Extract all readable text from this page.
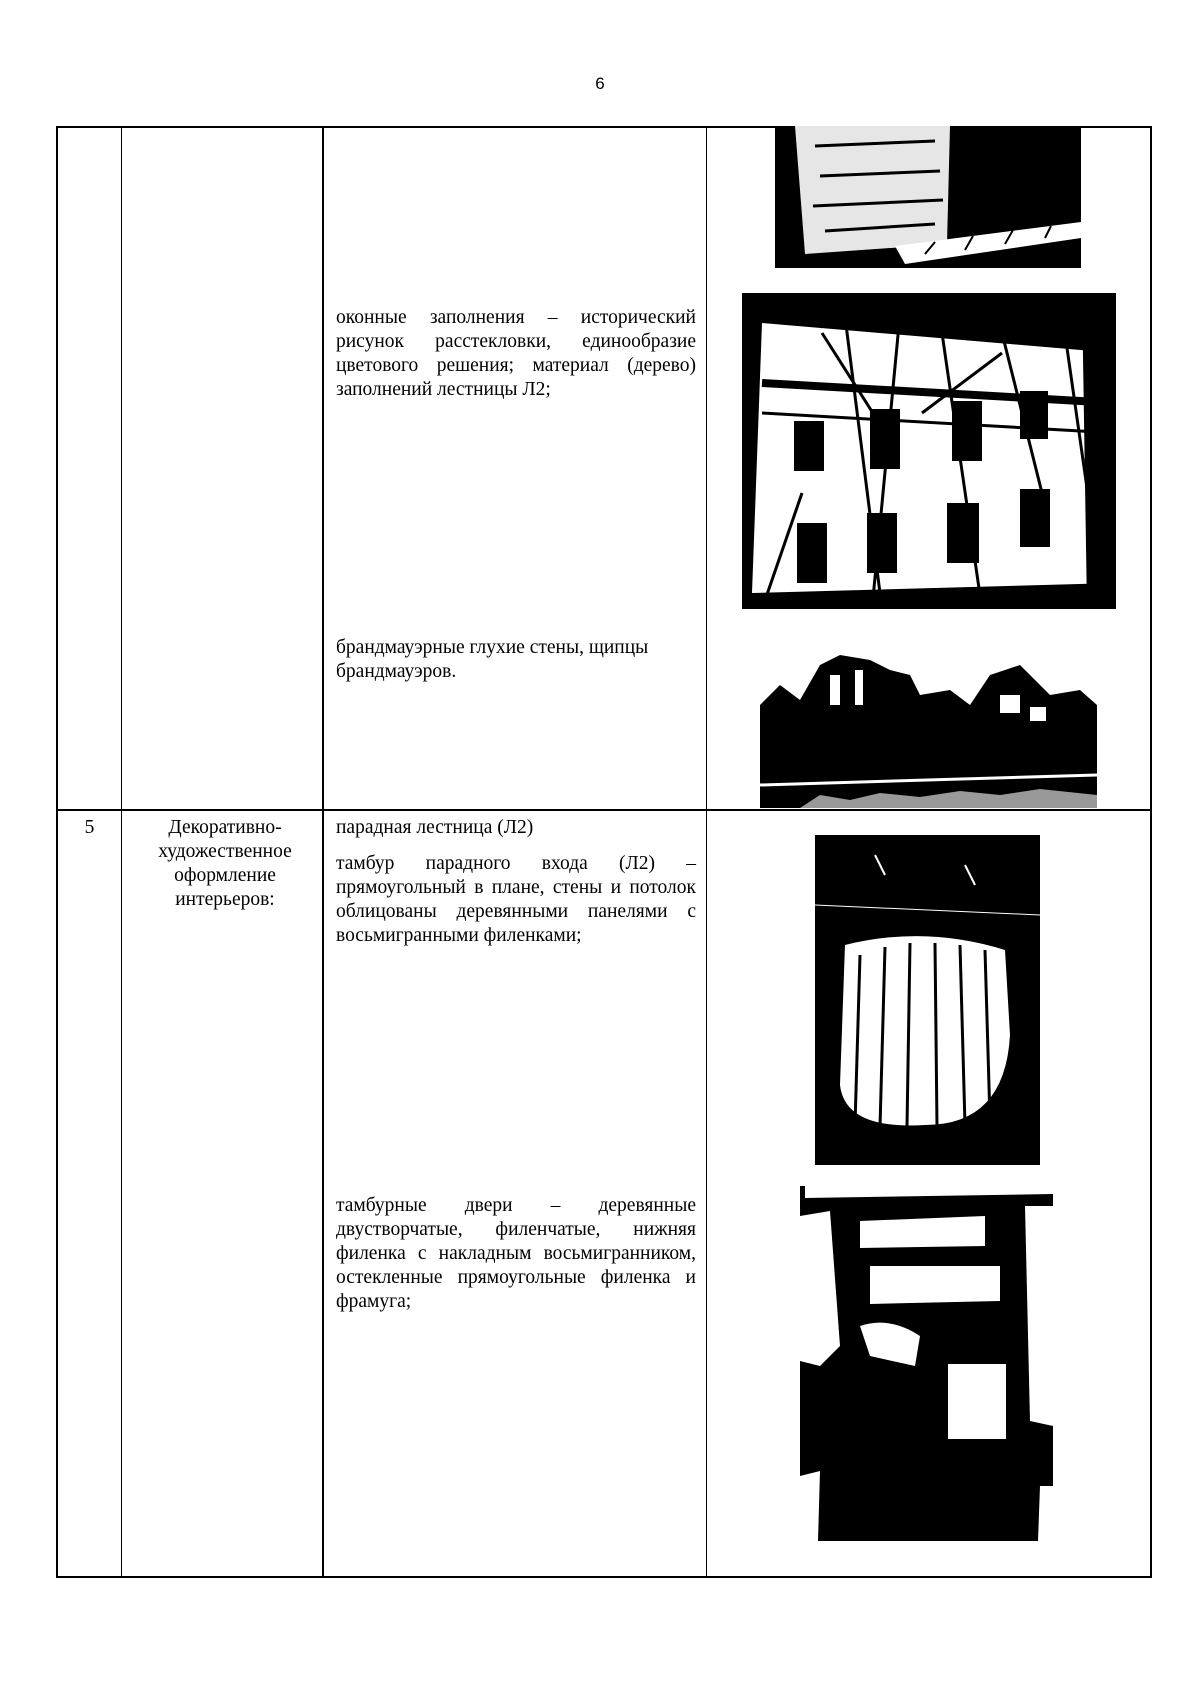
6
оконные заполнения – исторический рисунок расстекловки, единообразие цветового решения; материал (дерево) заполнений лестницы Л2;
брандмауэрные глухие стены, щипцы брандмауэров.
5	Декоративно-художественное оформление интерьеров:
парадная лестница (Л2)
тамбур парадного входа (Л2) – прямоугольный в плане, стены и потолок облицованы деревянными панелями с восьмигранными филенками;
тамбурные двери – деревянные двустворчатые, филенчатые, нижняя филенка с накладным восьмигранником, остекленные прямоугольные филенка и фрамуга;
